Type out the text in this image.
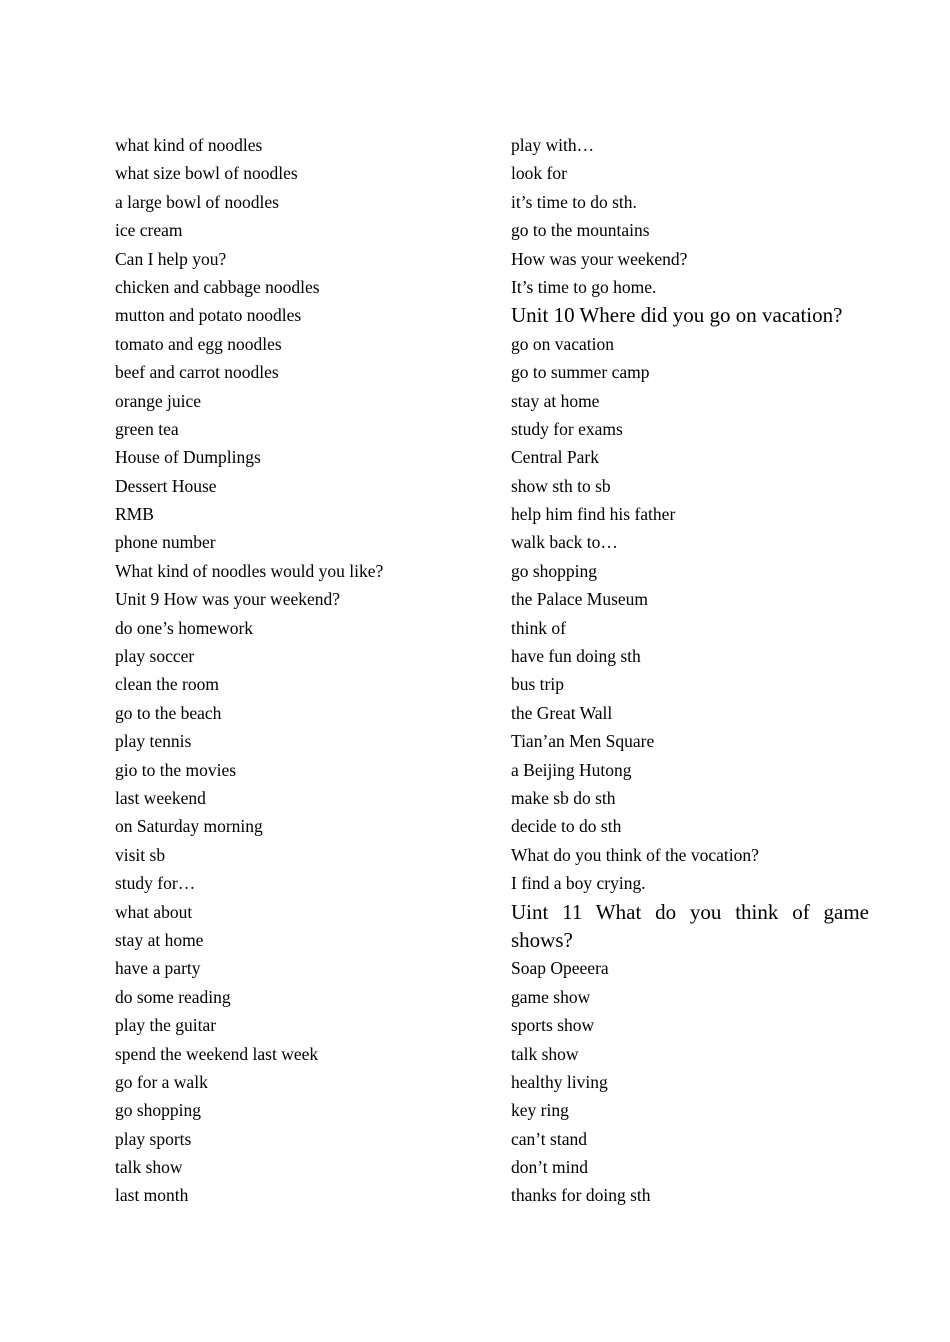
what kind of noodles
what size bowl of noodles
a large bowl of noodles
ice cream
Can I help you?
chicken and cabbage noodles
mutton and potato noodles
tomato and egg noodles
beef and carrot noodles
orange juice
green tea
House of Dumplings
Dessert House
RMB
phone number
What kind of noodles would you like?
Unit 9 How was your weekend?
do one’s homework
play soccer
clean the room
go to the beach
play tennis
gio to the movies
last weekend
on Saturday morning
visit sb
study for…
what about
stay at home
have a party
do some reading
play the guitar
spend the weekend last week
go for a walk
go shopping
play sports
talk show
last month
play with…
look for
it’s time to do sth.
go to the mountains
How was your weekend?
It’s time to go home.
Unit 10 Where did you go on vacation?
go on vacation
go to summer camp
stay at home
study for exams
Central Park
show sth to sb
help him find his father
walk back to…
go shopping
the Palace Museum
think of
have fun doing sth
bus trip
the Great Wall
Tian’an Men Square
a Beijing Hutong
make sb do sth
decide to do sth
What do you think of the vocation?
I find a boy crying.
Uint 11 What do you think of game shows?
Soap Opeeera
game show
sports show
talk show
healthy living
key ring
can’t stand
don’t mind
thanks for doing sth
